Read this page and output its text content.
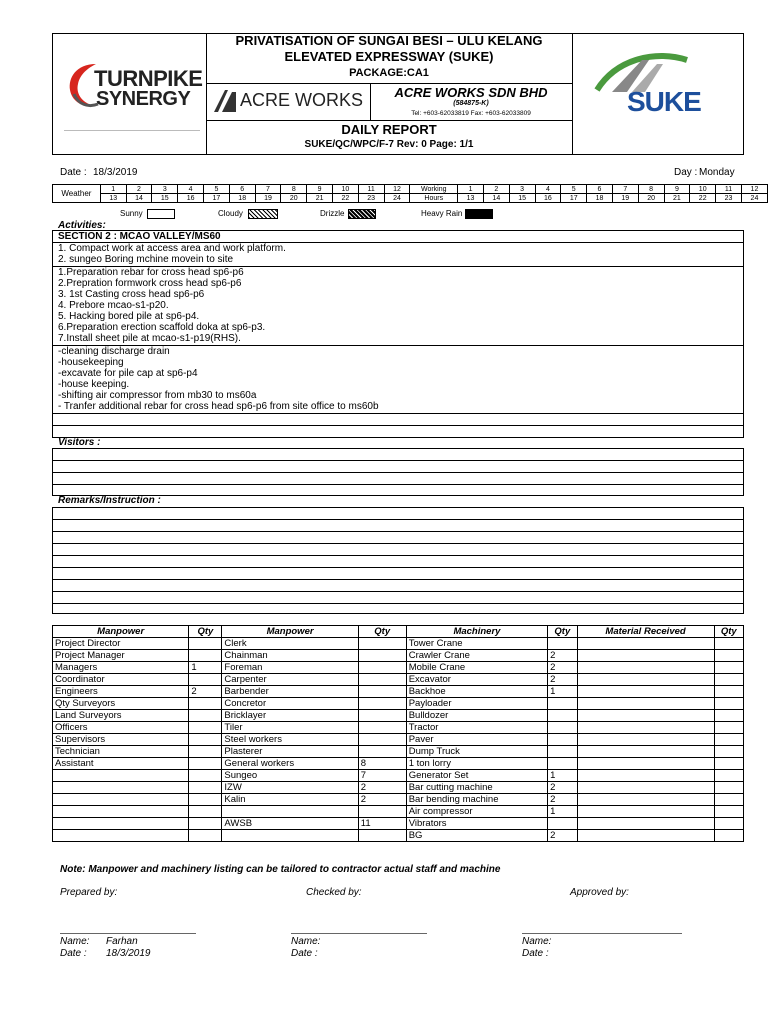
TURNPIKE
SYNERGY
PRIVATISATION OF SUNGAI BESI – ULU KELANG
ELEVATED EXPRESSWAY (SUKE)
PACKAGE:CA1
ACRE WORKS	ACRE WORKS SDN BHD
(584875-K)
Tel: +603-62033819 Fax: +603-62033809
DAILY REPORT
SUKE/QC/WPC/F-7 Rev: 0 Page: 1/1
SUKE
Date : 18/3/2019	Day : Monday
Weather	1	2	3	4	5	6	7	8	9	10	11	12	Working	1	2	3	4	5	6	7	8	9	10	11	12
	13	14	15	16	17	18	19	20	21	22	23	24	Hours	13	14	15	16	17	18	19	20	21	22	23	24
Sunny	Cloudy	Drizzle	Heavy Rain
Activities:
SECTION 2 : MCAO VALLEY/MS60
1. Compact work at access area and work platform.
2. sungeo Boring mchine movein to site
1.Preparation rebar for cross head sp6-p6
2.Prepration formwork cross head sp6-p6
3. 1st Casting cross head sp6-p6
4. Prebore mcao-s1-p20.
5. Hacking bored pile at sp6-p4.
6.Preparation erection scaffold doka at sp6-p3.
7.Install sheet pile at mcao-s1-p19(RHS).
-cleaning discharge drain
-housekeeping
-excavate for pile cap at sp6-p4
-house keeping.
-shifting air compressor from mb30 to ms60a
- Tranfer additional rebar for cross head sp6-p6 from site office to ms60b
Visitors :
Remarks/Instruction :
Manpower	Qty	Manpower	Qty	Machinery	Qty	Material Received	Qty
Project Director		Clerk		Tower Crane			
Project Manager		Chainman		Crawler Crane	2		
Managers	1	Foreman		Mobile Crane	2		
Coordinator		Carpenter		Excavator	2		
Engineers	2	Barbender		Backhoe	1		
Qty Surveyors		Concretor		Payloader			
Land Surveyors		Bricklayer		Bulldozer			
Officers		Tiler		Tractor			
Supervisors		Steel workers		Paver			
Technician		Plasterer		Dump Truck			
Assistant		General workers	8	1 ton lorry			
		Sungeo	7	Generator Set	1		
		IZW	2	Bar cutting machine	2		
		Kalin	2	Bar bending machine	2		
				Air compressor	1		
		AWSB	11	Vibrators			
				BG	2		
Note: Manpower and machinery listing can be tailored to contractor actual staff and machine
Prepared by:	Checked by:	Approved by:
Name: Farhan
Date : 18/3/2019
Name:
Date :
Name:
Date :
